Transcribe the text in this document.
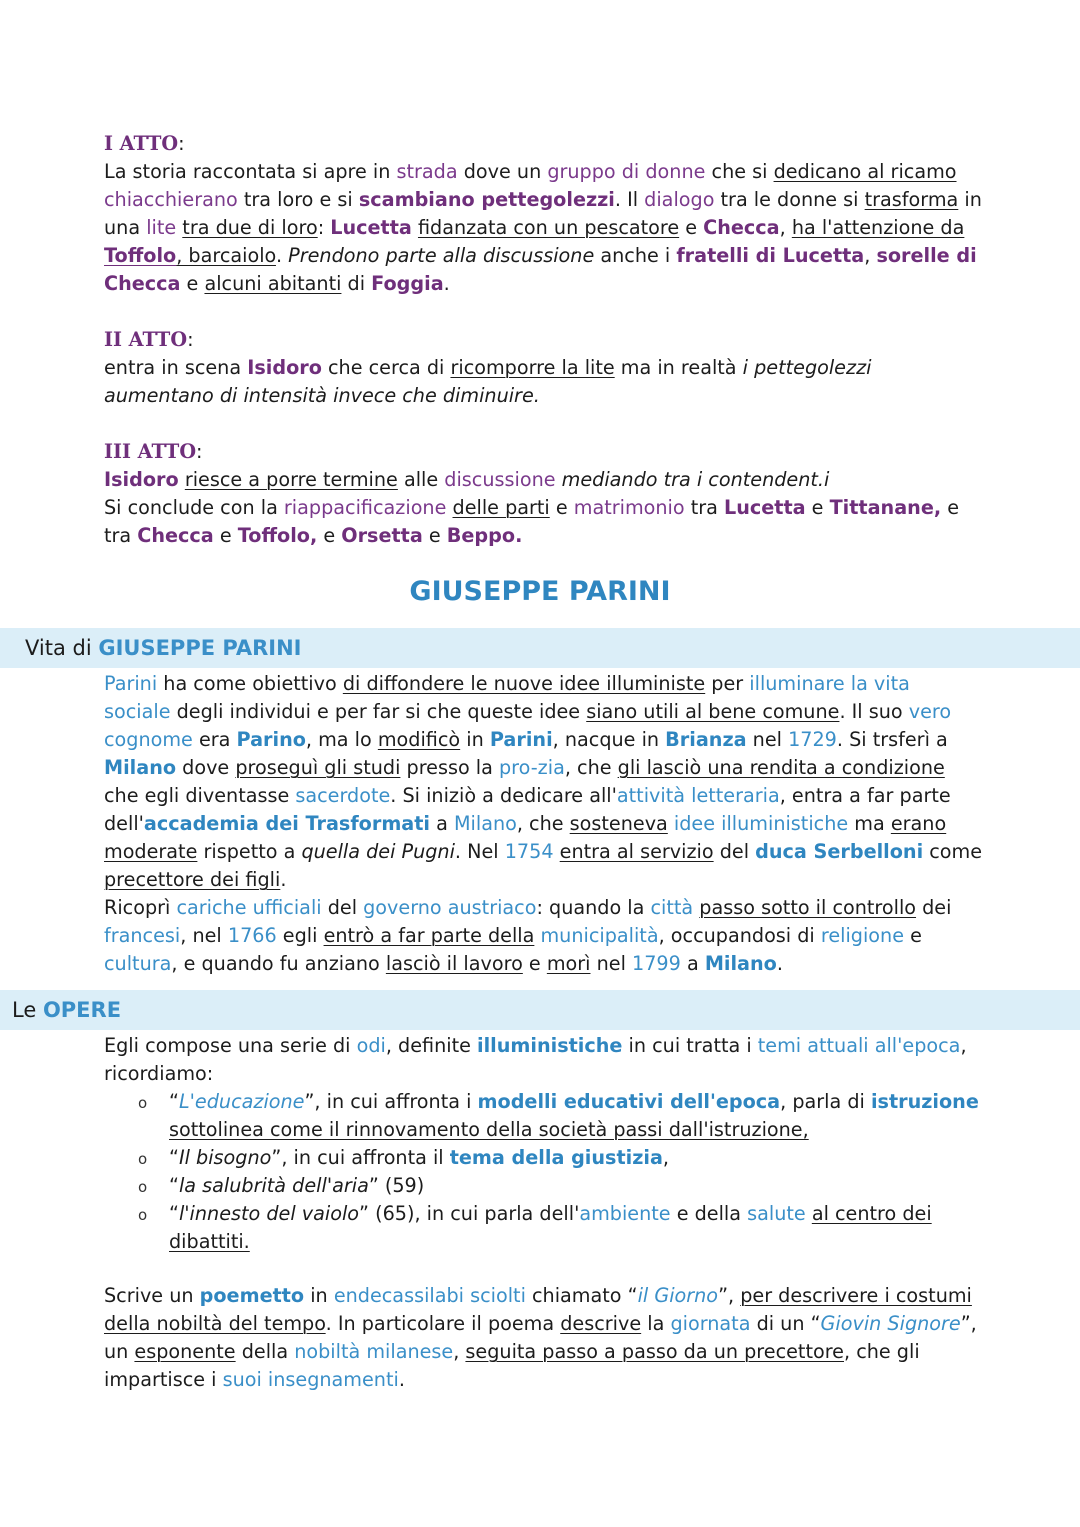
I ATTO:
La storia raccontata si apre in strada dove un gruppo di donne che si dedicano al ricamo
chiacchierano tra loro e si scambiano pettegolezzi. Il dialogo tra le donne si trasforma in
una lite tra due di loro: Lucetta fidanzata con un pescatore e Checca, ha l'attenzione da
Toffolo, barcaiolo. Prendono parte alla discussione anche i fratelli di Lucetta, sorelle di
Checca e alcuni abitanti di Foggia.
II ATTO:
entra in scena Isidoro che cerca di ricomporre la lite ma in realtà i pettegolezzi
aumentano di intensità invece che diminuire.
III ATTO:
Isidoro riesce a porre termine alle discussione mediando tra i contendent.i
Si conclude con la riappacificazione delle parti e matrimonio tra Lucetta e Tittanane, e
tra Checca e Toffolo, e Orsetta e Beppo.
GIUSEPPE PARINI
Vita di GIUSEPPE PARINI
Parini ha come obiettivo di diffondere le nuove idee illuministe per illuminare la vita
sociale degli individui e per far si che queste idee siano utili al bene comune. Il suo vero
cognome era Parino, ma lo modificò in Parini, nacque in Brianza nel 1729. Si trsferì a
Milano dove proseguì gli studi presso la pro-zia, che gli lasciò una rendita a condizione
che egli diventasse sacerdote. Si iniziò a dedicare all'attività letteraria, entra a far parte
dell'accademia dei Trasformati a Milano, che sosteneva idee illuministiche ma erano
moderate rispetto a quella dei Pugni. Nel 1754 entra al servizio del duca Serbelloni come
precettore dei figli.
Ricoprì cariche ufficiali del governo austriaco: quando la città passo sotto il controllo dei
francesi, nel 1766 egli entrò a far parte della municipalità, occupandosi di religione e
cultura, e quando fu anziano lasciò il lavoro e morì nel 1799 a Milano.
Le OPERE
Egli compose una serie di odi, definite illuministiche in cui tratta i temi attuali all'epoca,
ricordiamo:
o
o
o
o
“L'educazione”, in cui affronta i modelli educativi dell'epoca, parla di istruzione
sottolinea come il rinnovamento della società passi dall'istruzione,
“Il bisogno”, in cui affronta il tema della giustizia,
“la salubrità dell'aria” (59)
“l'innesto del vaiolo” (65), in cui parla dell'ambiente e della salute al centro dei
dibattiti.
Scrive un poemetto in endecassilabi sciolti chiamato “il Giorno”, per descrivere i costumi
della nobiltà del tempo. In particolare il poema descrive la giornata di un “Giovin Signore”,
un esponente della nobiltà milanese, seguita passo a passo da un precettore, che gli
impartisce i suoi insegnamenti.
